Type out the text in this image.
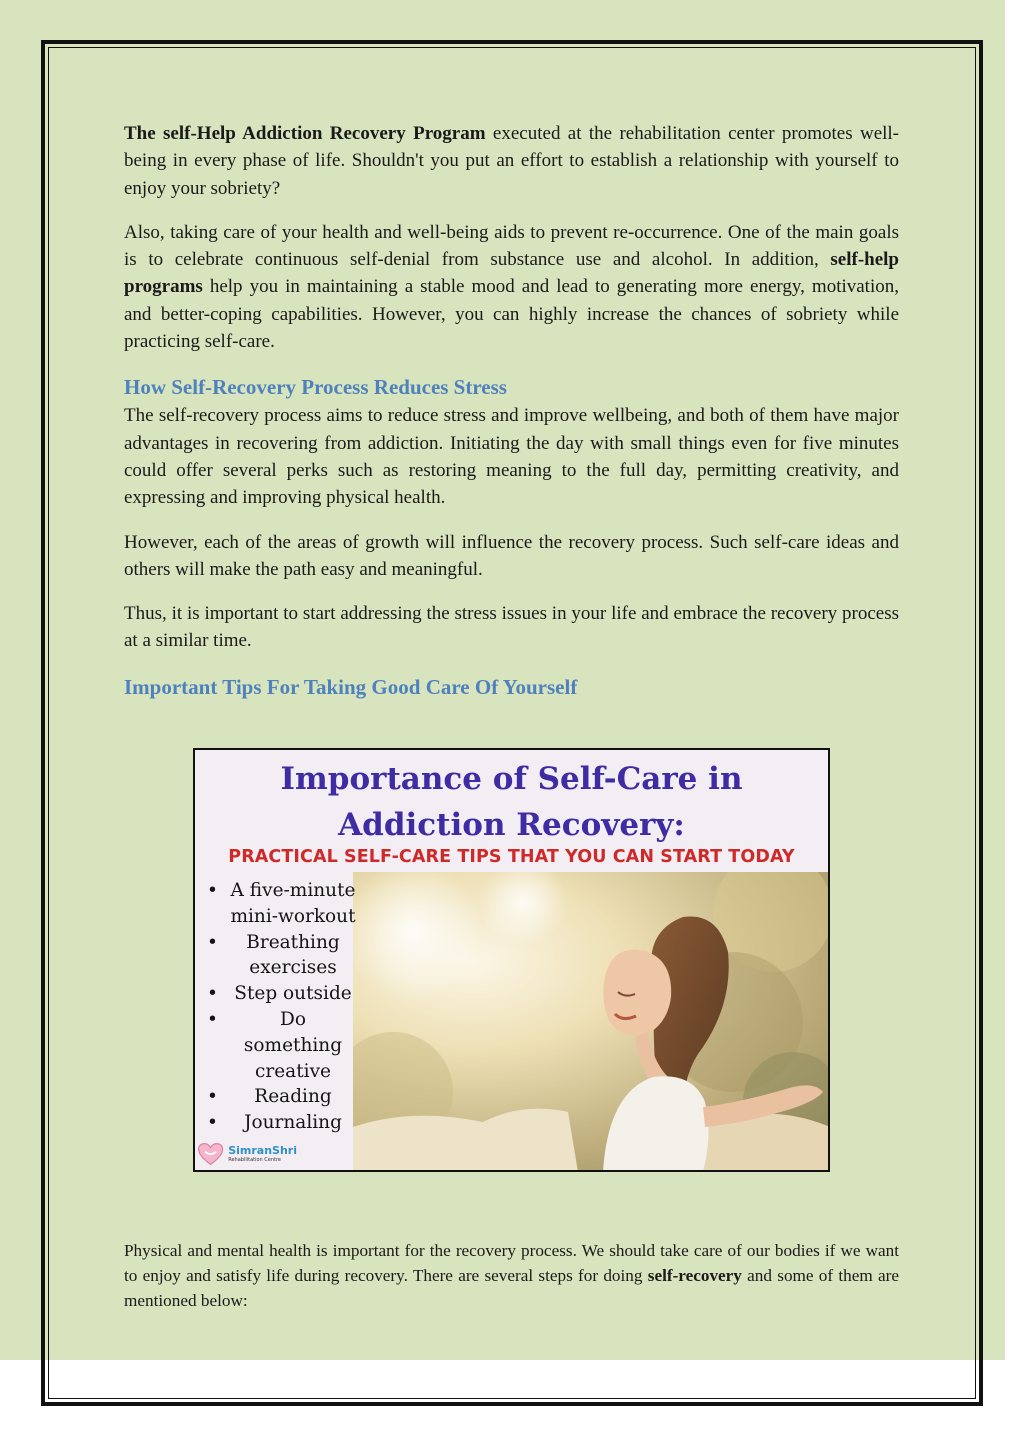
The self-Help Addiction Recovery Program executed at the rehabilitation center promotes well-being in every phase of life. Shouldn't you put an effort to establish a relationship with yourself to enjoy your sobriety?

Also, taking care of your health and well-being aids to prevent re-occurrence. One of the main goals is to celebrate continuous self-denial from substance use and alcohol. In addition, self-help programs help you in maintaining a stable mood and lead to generating more energy, motivation, and better-coping capabilities. However, you can highly increase the chances of sobriety while practicing self-care.

How Self-Recovery Process Reduces Stress

The self-recovery process aims to reduce stress and improve wellbeing, and both of them have major advantages in recovering from addiction. Initiating the day with small things even for five minutes could offer several perks such as restoring meaning to the full day, permitting creativity, and expressing and improving physical health.

However, each of the areas of growth will influence the recovery process. Such self-care ideas and others will make the path easy and meaningful.

Thus, it is important to start addressing the stress issues in your life and embrace the recovery process at a similar time.

Important Tips For Taking Good Care Of Yourself
Importance of Self-Care in
Addiction Recovery:
PRACTICAL SELF-CARE TIPS THAT YOU CAN START TODAY
• A five-minute mini-workout
• Breathing exercises
• Step outside
• Do something creative
• Reading
• Journaling
SimranShri
Rehabilitation Centre

Physical and mental health is important for the recovery process. We should take care of our bodies if we want to enjoy and satisfy life during recovery. There are several steps for doing self-recovery and some of them are mentioned below:
